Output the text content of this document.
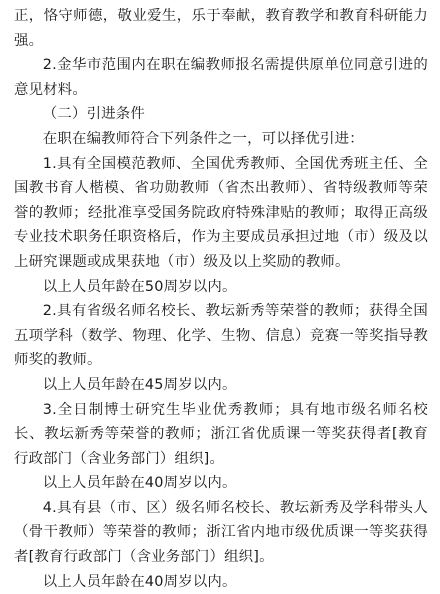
正，恪守师德，敬业爱生，乐于奉献，教育教学和教育科研能力强。

2.金华市范围内在职在编教师报名需提供原单位同意引进的意见材料。

（二）引进条件

在职在编教师符合下列条件之一，可以择优引进：

1.具有全国模范教师、全国优秀教师、全国优秀班主任、全国教书育人楷模、省功勋教师（省杰出教师）、省特级教师等荣誉的教师；经批准享受国务院政府特殊津贴的教师；取得正高级专业技术职务任职资格后，作为主要成员承担过地（市）级及以上研究课题或成果获地（市）级及以上奖励的教师。

以上人员年龄在50周岁以内。

2.具有省级名师名校长、教坛新秀等荣誉的教师；获得全国五项学科（数学、物理、化学、生物、信息）竞赛一等奖指导教师奖的教师。

以上人员年龄在45周岁以内。

3.全日制博士研究生毕业优秀教师；具有地市级名师名校长、教坛新秀等荣誉的教师；浙江省优质课一等奖获得者[教育行政部门（含业务部门）组织]。

以上人员年龄在40周岁以内。

4.具有县（市、区）级名师名校长、教坛新秀及学科带头人（骨干教师）等荣誉的教师；浙江省内地市级优质课一等奖获得者[教育行政部门（含业务部门）组织]。

以上人员年龄在40周岁以内。
